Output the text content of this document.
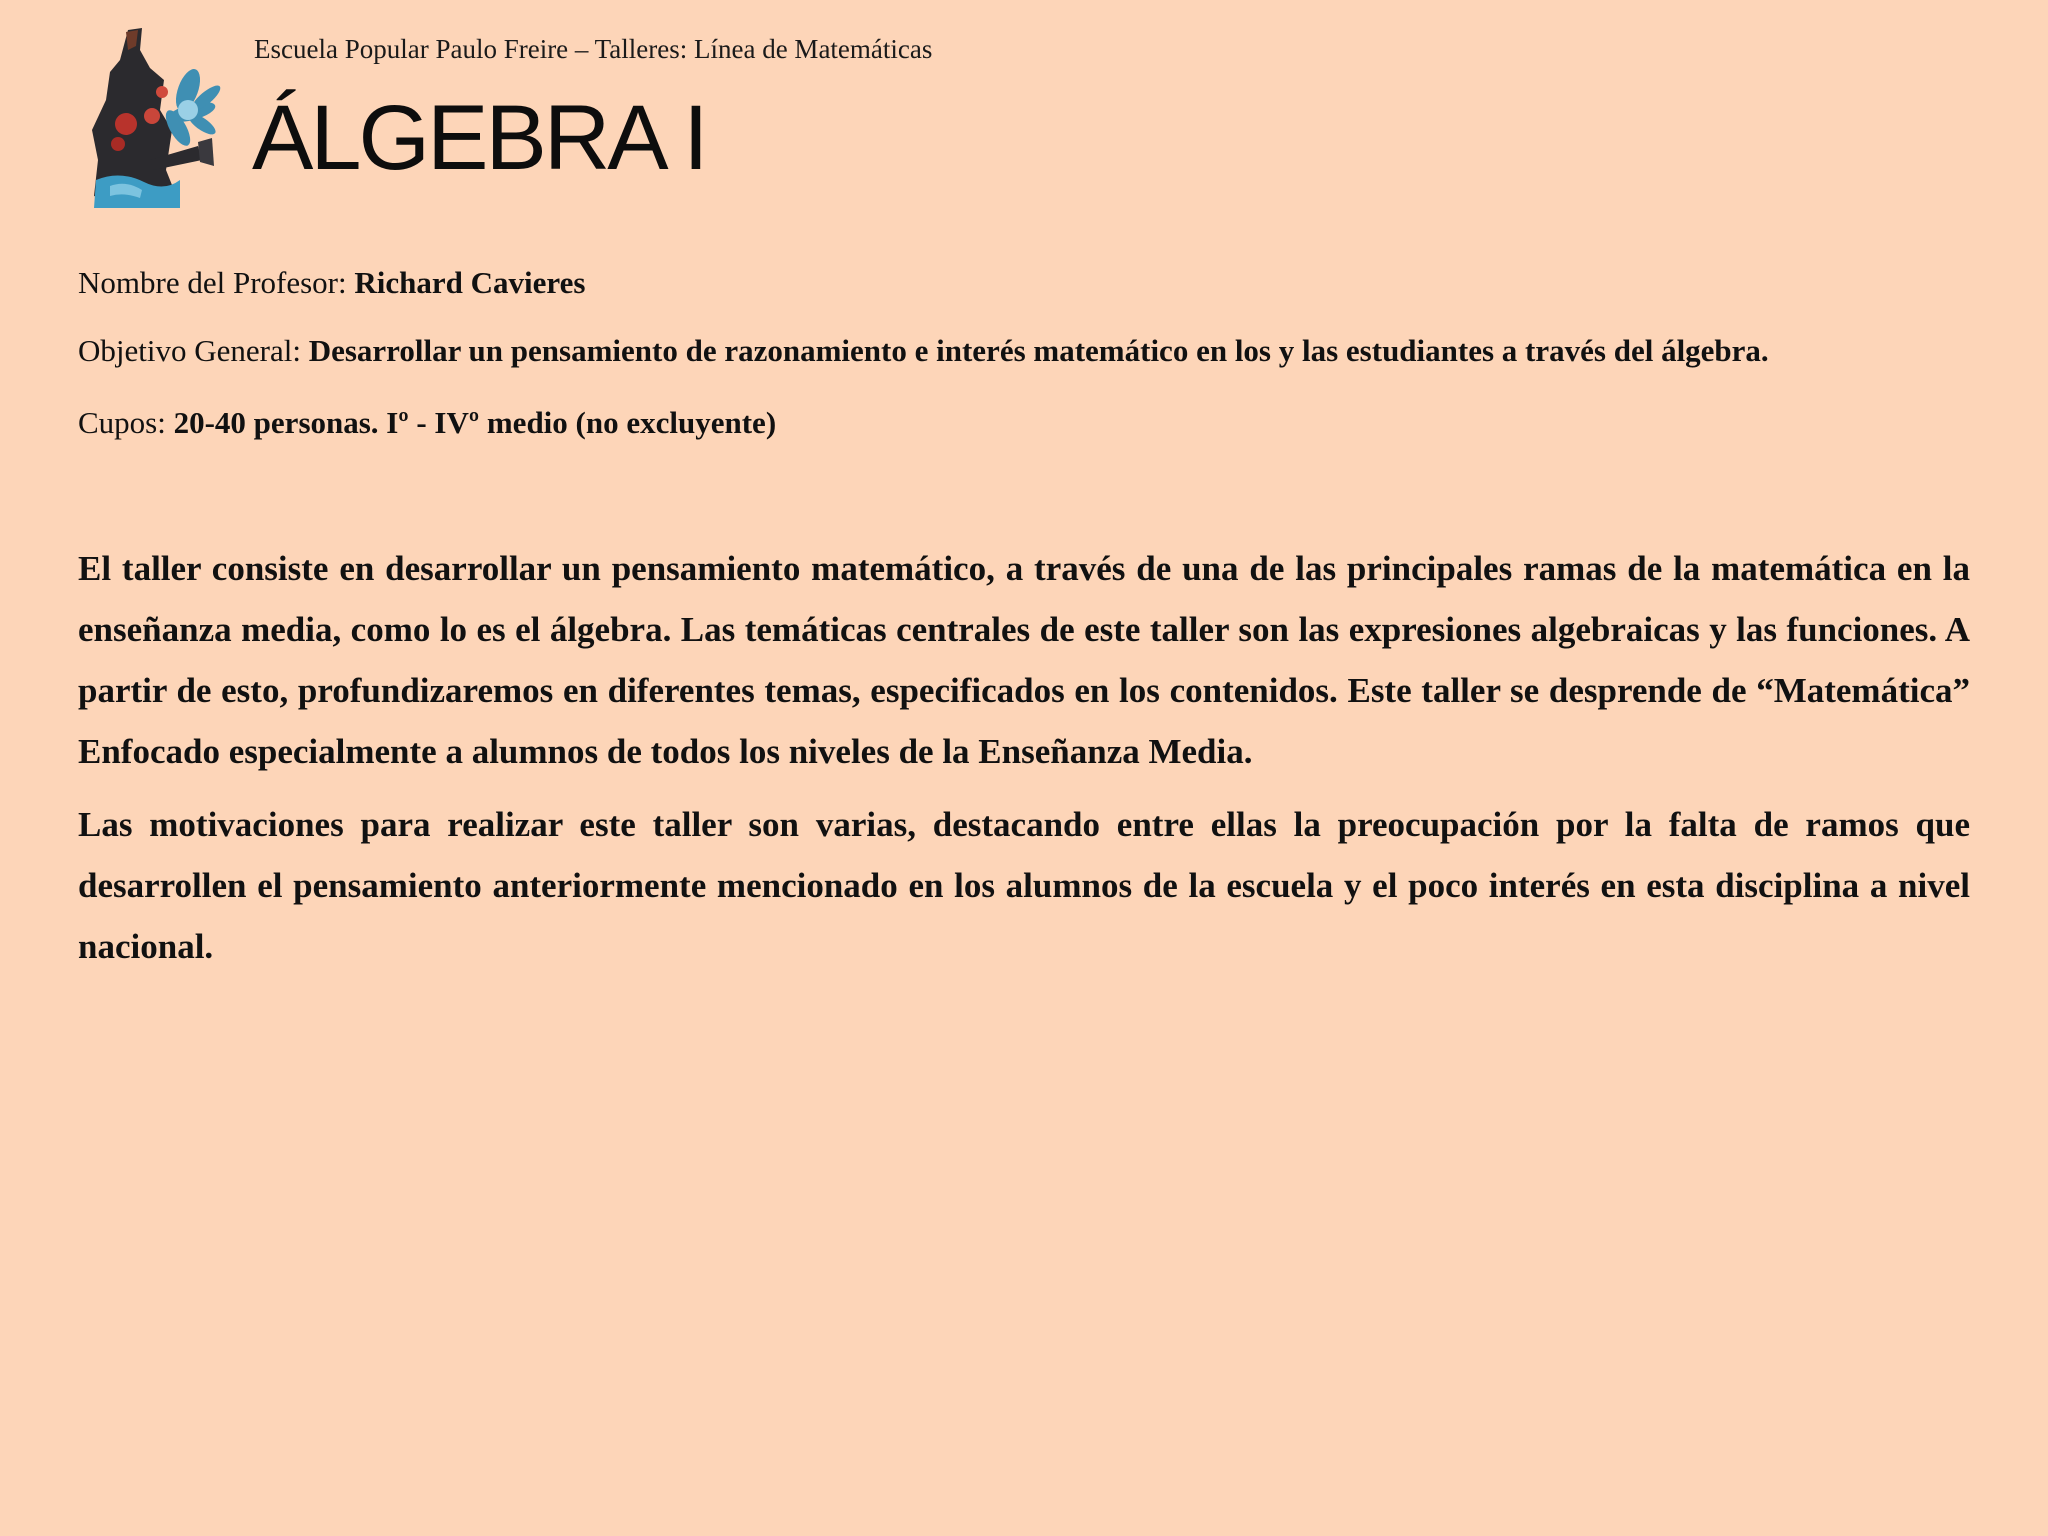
Escuela Popular Paulo Freire – Talleres: Línea de Matemáticas
ÁLGEBRA I

Nombre del Profesor: Richard Cavieres

Objetivo General: Desarrollar un pensamiento de razonamiento e interés matemático en los y las estudiantes a través del álgebra.

Cupos: 20-40 personas. Iº - IVº medio (no excluyente)

El taller consiste en desarrollar un pensamiento matemático, a través de una de las principales ramas de la matemática en la enseñanza media, como lo es el álgebra. Las temáticas centrales de este taller son las expresiones algebraicas y las funciones. A partir de esto, profundizaremos en diferentes temas, especificados en los contenidos. Este taller se desprende de “Matemática” Enfocado especialmente a alumnos de todos los niveles de la Enseñanza Media.

Las motivaciones para realizar este taller son varias, destacando entre ellas la preocupación por la falta de ramos que desarrollen el pensamiento anteriormente mencionado en los alumnos de la escuela y el poco interés en esta disciplina a nivel nacional.
